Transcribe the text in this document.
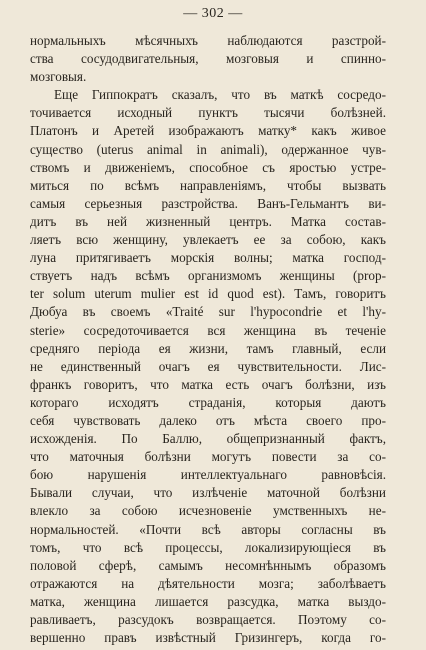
— 302 —
нормальныхъ мѣсячныхъ наблюдаются разстрой-
ства сосудодвигательныя, мозговыя и спинно-
мозговыя.
Еще Гиппократъ сказалъ, что въ маткѣ сосредо-
точивается исходный пунктъ тысячи болѣзней.
Платонъ и Аретей изображаютъ матку* какъ живое
существо (uterus animal in animali), одержанное чув-
ствомъ и движеніемъ, способное съ яростью устре-
миться по всѣмъ направленіямъ, чтобы вызвать
самыя серьезныя разстройства. Ванъ-Гельмантъ ви-
дитъ въ ней жизненный центръ. Матка состав-
ляетъ всю женщину, увлекаетъ ее за собою, какъ
луна притягиваетъ морскія волны; матка господ-
ствуетъ надъ всѣмъ организмомъ женщины (prop-
ter solum uterum mulier est id quod est). Тамъ, говоритъ
Дюбуа въ своемъ «Traité sur l'hypocondrie et l'hy-
sterie» сосредоточивается вся женщина въ теченіе
средняго періода ея жизни, тамъ главный, если
не единственный очагъ ея чувствительности. Лис-
франкъ говоритъ, что матка есть очагъ болѣзни, изъ
котораго исходятъ страданія, которыя даютъ
себя чувствовать далеко отъ мѣста своего про-
исхожденія. По Баллю, общепризнанный фактъ,
что маточныя болѣзни могутъ повести за со-
бою нарушенія интеллектуальнаго равновѣсія.
Бывали случаи, что излѣченіе маточной болѣзни
влекло за собою исчезновеніе умственныхъ не-
нормальностей. «Почти всѣ авторы согласны въ
томъ, что всѣ процессы, локализирующіеся въ
половой сферѣ, самымъ несомнѣннымъ образомъ
отражаются на дѣятельности мозга; заболѣваетъ
матка, женщина лишается разсудка, матка выздо-
равливаетъ, разсудокъ возвращается. Поэтому со-
вершенно правъ извѣстный Гризингеръ, когда го-
